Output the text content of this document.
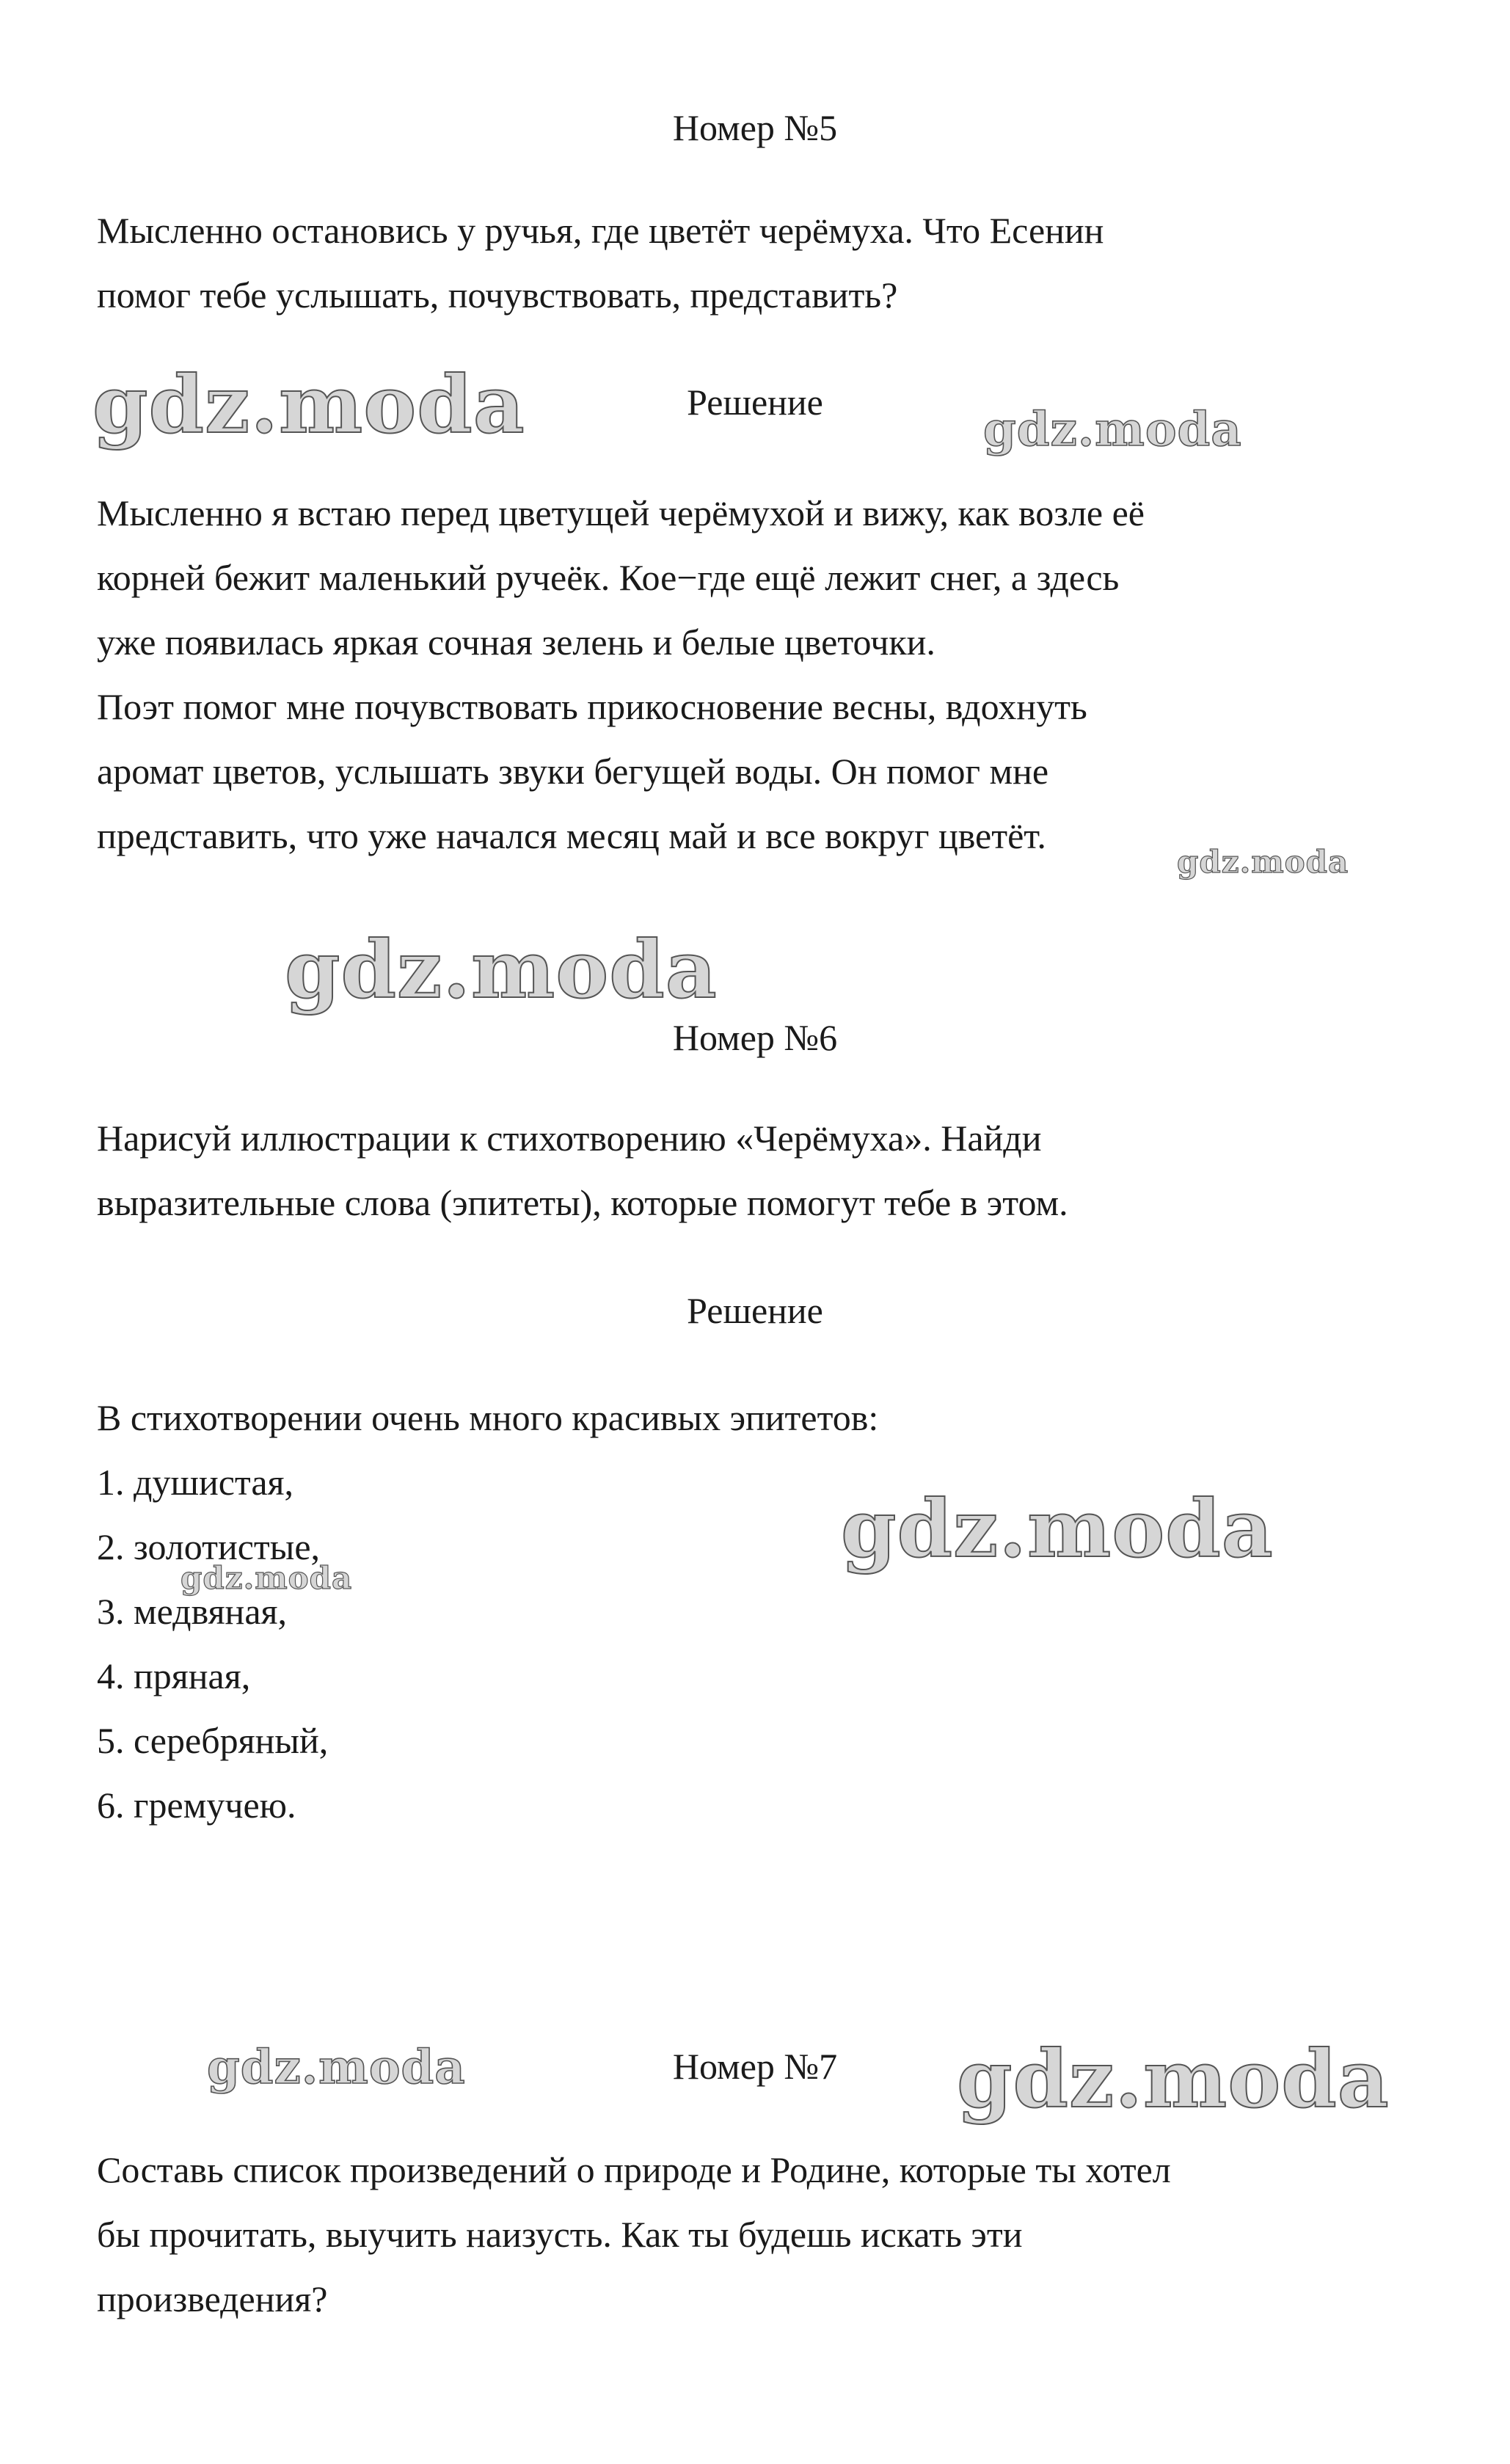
Номер №5
Мысленно остановись у ручья, где цветёт черёмуха. Что Есенин
помог тебе услышать, почувствовать, представить?
Решение
Мысленно я встаю перед цветущей черёмухой и вижу, как возле её
корней бежит маленький ручеёк. Кое−где ещё лежит снег, а здесь
уже появилась яркая сочная зелень и белые цветочки.
Поэт помог мне почувствовать прикосновение весны, вдохнуть
аромат цветов, услышать звуки бегущей воды. Он помог мне
представить, что уже начался месяц май и все вокруг цветёт.
Номер №6
Нарисуй иллюстрации к стихотворению «Черёмуха». Найди
выразительные слова (эпитеты), которые помогут тебе в этом.
Решение
В стихотворении очень много красивых эпитетов:
1. душистая,
2. золотистые,
3. медвяная,
4. пряная,
5. серебряный,
6. гремучею.
Номер №7
Составь список произведений о природе и Родине, которые ты хотел
бы прочитать, выучить наизусть. Как ты будешь искать эти
произведения?
gdz.moda	gdz.moda
gdz.moda
gdz.moda
gdz.moda
gdz.moda
gdz.moda	gdz.moda
